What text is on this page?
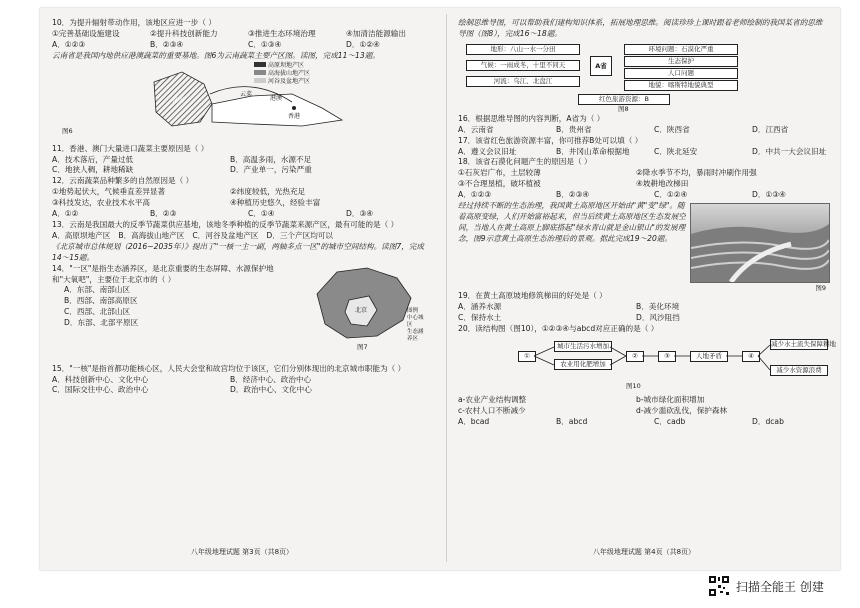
10．为提升辐射带动作用，该地区应进一步（ ）

①完善基础设施建设	②提升科技创新能力	③推进生态环境治理	④加清洁能源输出
A．①②③	B．②③④	C．①③④	D．①②④

云南省是我国内地供应港澳蔬菜的重要基地。图6为云南蔬菜主要产区图。读图，完成11～13题。

高原坝地产区
高海拔山地产区
河谷及盆地产区
云菜
港澳
香港
昆明
图6

11．香港、澳门大量进口蔬菜主要原因是（ ）

A．技术落后，产量过低	B．高温多雨，水源不足
C．地狭人稠，耕地稀缺	D．产业单一，污染严重

12．云南蔬菜品种繁多的自然原因是（ ）

①地势起伏大，气候垂直差异显著	②纬度较低，光热充足
③科技发达，农业技术水平高	④种植历史悠久，经验丰富
A．①②	B．②③	C．①④	D．③④

13．云南是我国最大的反季节蔬菜供应基地，该地冬季种植的反季节蔬菜来源产区，最有可能的是（ ）

A．高原坝地产区 B．高海拔山地产区 C．河谷及盆地产区 D．三个产区均可以

《北京城市总体规划（2016~2035年）》提出了"一核一主一副，两轴多点一区"的城市空间结构。读图7，完成14～15题。

14．"一区"是指生态涵养区，是北京重要的生态屏障、水源保护地和"大氧吧"，主要位于北京市的（ ）

A．东部、南部山区
B．西部、南部高原区
C．西部、北部山区
D．东部、北部平原区
北京	图例
中心城区
生态涵养区
图7

15．"一核"是指首都功能核心区，人民大会堂和故宫均位于该区，它们分别体现出的北京城市职能为（ ）

A．科技创新中心、文化中心	B．经济中心、政治中心
C．国际交往中心、政治中心	D．政治中心、文化中心
八年级地理试题 第3页（共8页）

绘制思维导图，可以帮助我们建构知识体系，拓展地理思维。阅读珍珍上课时跟着老师绘制的我国某省的思维导图（图8），完成16～18题。

地形：八山一水一分田
气候：一雨成冬，十里不同天
河流：乌江、北盘江
A省
环境问题：石漠化严重
生态保护
人口问题
地貌：喀斯特地貌典型
红色旅游资源：B
图8

16．根据思维导图的内容判断，A省为（ ）

A．云南省	B．贵州省	C．陕西省	D．江西省

17．该省红色旅游资源丰富，你可推荐B处可以填（ ）

A．遵义会议旧址	B．井冈山革命根据地	C．陕北延安	D．中共一大会议旧址

18．该省石漠化问题产生的原因是（ ）

①石灰岩广布，土层较薄	②降水季节不均，暴雨时冲刷作用强
③不合理垦植，破坏植被	④坡耕地改梯田
A．①②③	B．②③④	C．①②④	D．①③④

经过持续不断的生态治理，我国黄土高原地区开始由"黄"变"绿"。随着高原变绿，人们开始富裕起来，但当后续黄土高原地区生态发展空间，当地人在黄土高原上脚底搭起"绿水青山就是金山银山"的发展理念，图9示意黄土高原生态治理后的景观。据此完成19～20题。

图9

19．在黄土高原坡地修筑梯田的好处是（ ）

A．涵养水源	B．美化环境
C．保持水土	D．风沙阻挡

20．读结构图（图10），①②③④与abcd对应正确的是（ ）

①
城市生活污水增加
农业用化肥增加
②	③	人地矛盾	④
减少水土流失保障耕地
减少水资源浪费
图10
a-农业产业结构调整	b-城市绿化面积增加
c-农村人口不断减少	d-减少滥砍乱伐，保护森林
A．bcad	B．abcd	C．cadb	D．dcab
八年级地理试题 第4页（共8页）
扫描全能王 创建
